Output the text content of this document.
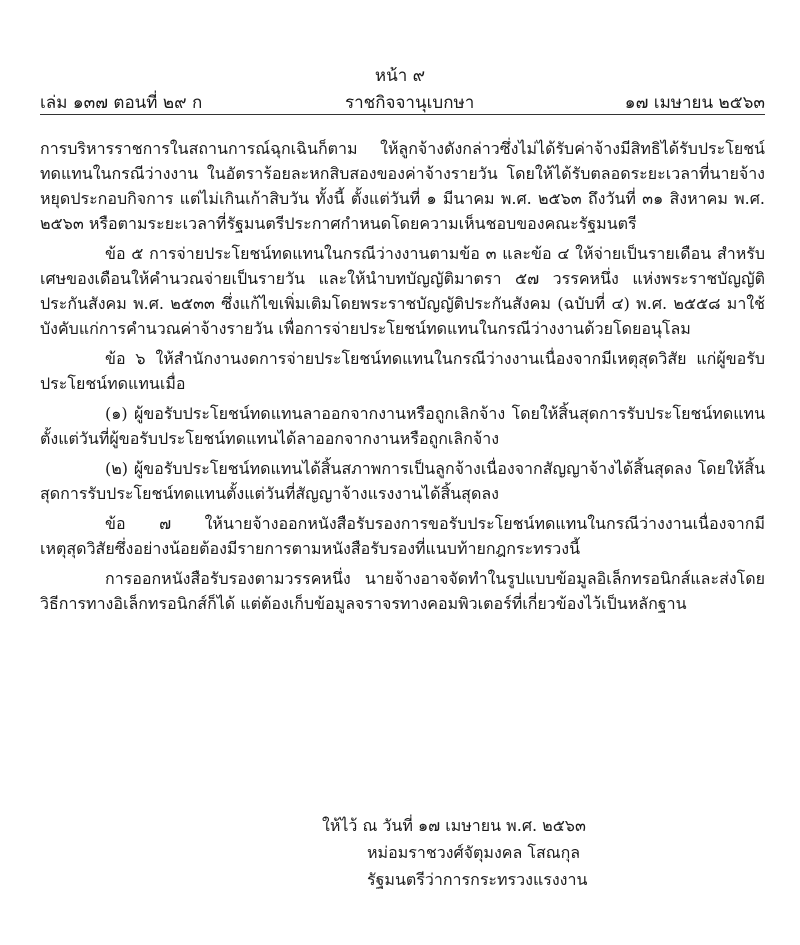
หน้า ๙
เล่ม ๑๓๗ ตอนที่ ๒๙ ก	ราชกิจจานุเบกษา	๑๗ เมษายน ๒๕๖๓

การบริหารราชการในสถานการณ์ฉุกเฉินก็ตาม ให้ลูกจ้างดังกล่าวซึ่งไม่ได้รับค่าจ้างมีสิทธิได้รับประโยชน์ทดแทนในกรณีว่างงาน ในอัตราร้อยละหกสิบสองของค่าจ้างรายวัน โดยให้ได้รับตลอดระยะเวลาที่นายจ้างหยุดประกอบกิจการ แต่ไม่เกินเก้าสิบวัน ทั้งนี้ ตั้งแต่วันที่ ๑ มีนาคม พ.ศ. ๒๕๖๓ ถึงวันที่ ๓๑ สิงหาคม พ.ศ. ๒๕๖๓ หรือตามระยะเวลาที่รัฐมนตรีประกาศกำหนดโดยความเห็นชอบของคณะรัฐมนตรี

ข้อ ๕ การจ่ายประโยชน์ทดแทนในกรณีว่างงานตามข้อ ๓ และข้อ ๔ ให้จ่ายเป็นรายเดือน สำหรับเศษของเดือนให้คำนวณจ่ายเป็นรายวัน และให้นำบทบัญญัติมาตรา ๕๗ วรรคหนึ่ง แห่งพระราชบัญญัติประกันสังคม พ.ศ. ๒๕๓๓ ซึ่งแก้ไขเพิ่มเติมโดยพระราชบัญญัติประกันสังคม (ฉบับที่ ๔) พ.ศ. ๒๕๕๘ มาใช้บังคับแก่การคำนวณค่าจ้างรายวัน เพื่อการจ่ายประโยชน์ทดแทนในกรณีว่างงานด้วยโดยอนุโลม

ข้อ ๖ ให้สำนักงานงดการจ่ายประโยชน์ทดแทนในกรณีว่างงานเนื่องจากมีเหตุสุดวิสัย แก่ผู้ขอรับประโยชน์ทดแทนเมื่อ

(๑) ผู้ขอรับประโยชน์ทดแทนลาออกจากงานหรือถูกเลิกจ้าง โดยให้สิ้นสุดการรับประโยชน์ทดแทนตั้งแต่วันที่ผู้ขอรับประโยชน์ทดแทนได้ลาออกจากงานหรือถูกเลิกจ้าง

(๒) ผู้ขอรับประโยชน์ทดแทนได้สิ้นสภาพการเป็นลูกจ้างเนื่องจากสัญญาจ้างได้สิ้นสุดลง โดยให้สิ้นสุดการรับประโยชน์ทดแทนตั้งแต่วันที่สัญญาจ้างแรงงานได้สิ้นสุดลง

ข้อ ๗ ให้นายจ้างออกหนังสือรับรองการขอรับประโยชน์ทดแทนในกรณีว่างงานเนื่องจากมีเหตุสุดวิสัยซึ่งอย่างน้อยต้องมีรายการตามหนังสือรับรองที่แนบท้ายกฎกระทรวงนี้

การออกหนังสือรับรองตามวรรคหนึ่ง นายจ้างอาจจัดทำในรูปแบบข้อมูลอิเล็กทรอนิกส์และส่งโดยวิธีการทางอิเล็กทรอนิกส์ก็ได้ แต่ต้องเก็บข้อมูลจราจรทางคอมพิวเตอร์ที่เกี่ยวข้องไว้เป็นหลักฐาน

ให้ไว้ ณ วันที่ ๑๗ เมษายน พ.ศ. ๒๕๖๓
หม่อมราชวงศ์จัตุมงคล โสณกุล
รัฐมนตรีว่าการกระทรวงแรงงาน
